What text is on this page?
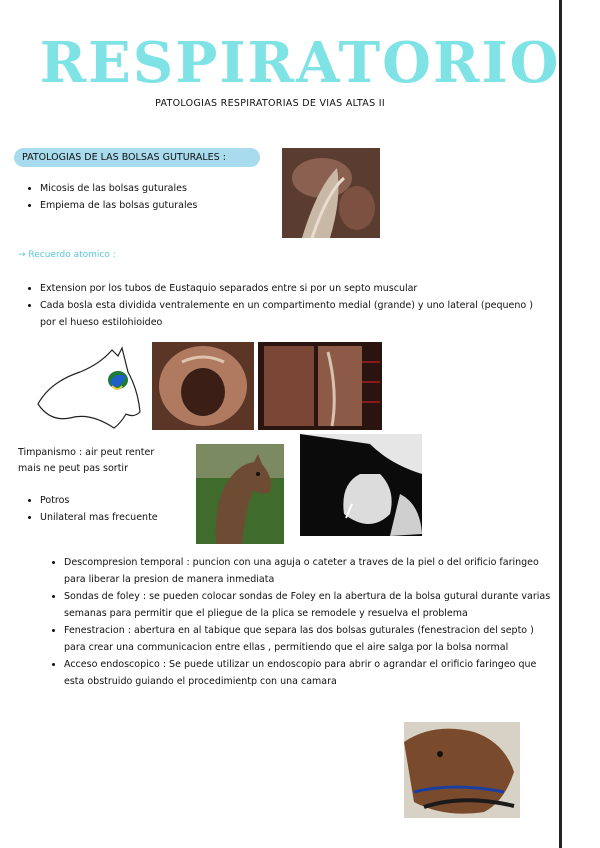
RESPIRATORIO
PATOLOGIAS RESPIRATORIAS DE VIAS ALTAS II
PATOLOGIAS DE LAS BOLSAS GUTURALES :
• Micosis de las bolsas guturales
• Empiema de las bolsas guturales
→ Recuerdo atomico :
• Extension por los tubos de Eustaquio separados entre si por un septo muscular
• Cada bosla esta dividida ventralemente en un compartimento medial (grande) y uno lateral (pequeno ) por el hueso estilohioideo
Timpanismo : air peut renter
mais ne peut pas sortir
• Potros
• Unilateral mas frecuente
• Descompresion temporal : puncion con una aguja o cateter a traves de la piel o del orificio faringeo para liberar la presion de manera inmediata
• Sondas de foley : se pueden colocar sondas de Foley en la abertura de la bolsa gutural durante varias semanas para permitir que el pliegue de la plica se remodele y resuelva el problema
• Fenestracion : abertura en al tabique que separa las dos bolsas guturales (fenestracion del septo ) para crear una communicacion entre ellas , permitiendo que el aire salga por la bolsa normal
• Acceso endoscopico : Se puede utilizar un endoscopio para abrir o agrandar el orificio faringeo que esta obstruido guiando el procedimientp con una camara
